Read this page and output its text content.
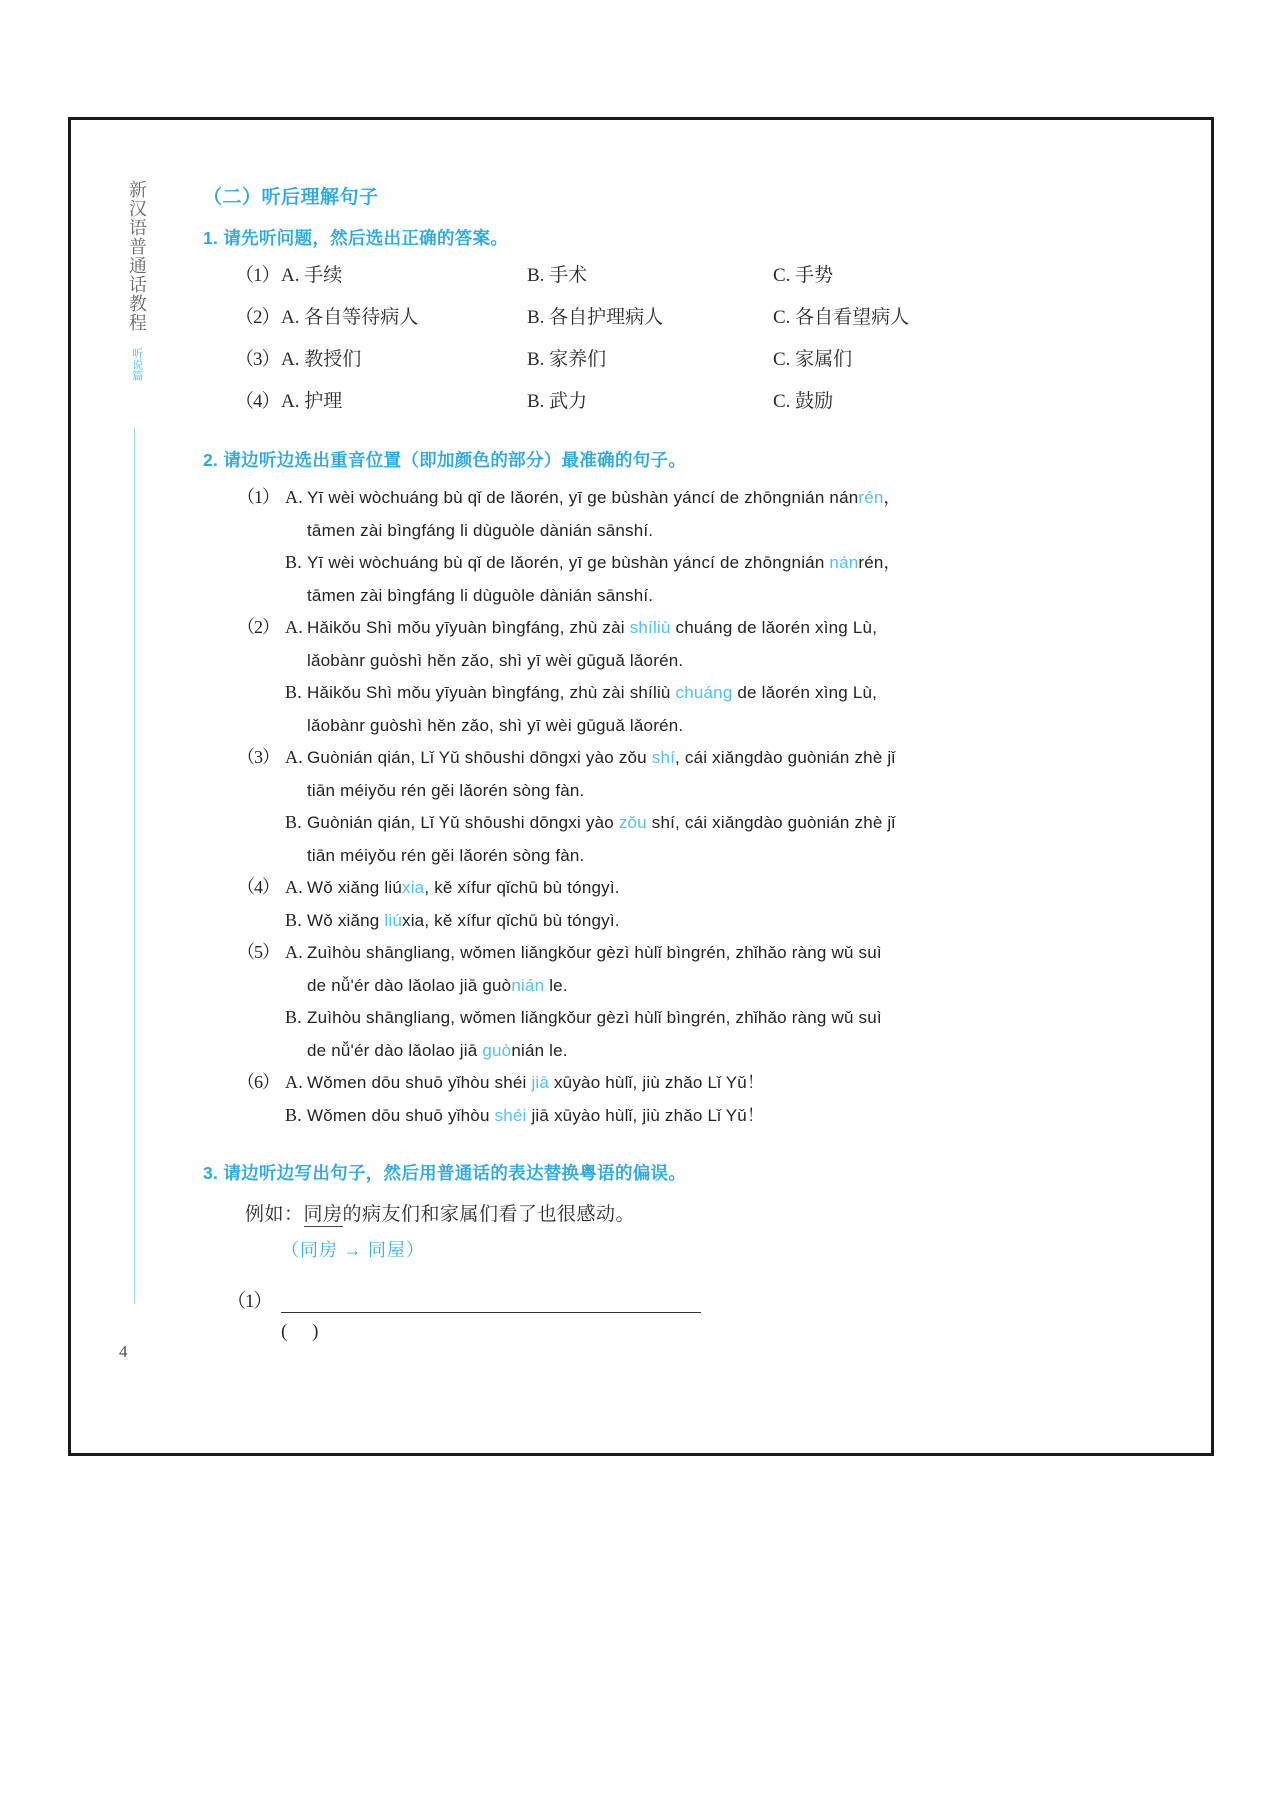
新汉语普通话教程
听说篇
4
（二）听后理解句子
1. 请先听问题，然后选出正确的答案。
（1） A. 手续	B. 手术	C. 手势
（2） A. 各自等待病人	B. 各自护理病人	C. 各自看望病人
（3） A. 教授们	B. 家养们	C. 家属们
（4） A. 护理	B. 武力	C. 鼓励
2. 请边听边选出重音位置（即加颜色的部分）最准确的句子。
（1） A. Yī wèi wòchuáng bù qǐ de lǎorén, yī ge bùshàn yáncí de zhōngnián nánrén，
tāmen zài bìngfáng li dùguòle dànián sānshí.
B. Yī wèi wòchuáng bù qǐ de lǎorén, yī ge bùshàn yáncí de zhōngnián nánrén，
tāmen zài bìngfáng li dùguòle dànián sānshí.
（2） A. Hǎikǒu Shì mǒu yīyuàn bìngfáng, zhù zài shíliù chuáng de lǎorén xìng Lù,
lǎobànr guòshì hěn zǎo, shì yī wèi gūguǎ lǎorén.
B. Hǎikǒu Shì mǒu yīyuàn bìngfáng, zhù zài shíliù chuáng de lǎorén xìng Lù,
lǎobànr guòshì hěn zǎo, shì yī wèi gūguǎ lǎorén.
（3） A. Guònián qián, Lǐ Yǔ shōushi dōngxi yào zǒu shí, cái xiǎngdào guònián zhè jǐ
tiān méiyǒu rén gěi lǎorén sòng fàn.
B. Guònián qián, Lǐ Yǔ shōushi dōngxi yào zǒu shí, cái xiǎngdào guònián zhè jǐ
tiān méiyǒu rén gěi lǎorén sòng fàn.
（4） A. Wǒ xiǎng liúxia, kě xífur qǐchū bù tóngyì.
B. Wǒ xiǎng liúxia, kě xífur qǐchū bù tóngyì.
（5） A. Zuìhòu shāngliang, wǒmen liǎngkǒur gèzì hùlǐ bìngrén, zhǐhǎo ràng wǔ suì
de nǚ'ér dào lǎolao jiā guònián le.
B. Zuìhòu shāngliang, wǒmen liǎngkǒur gèzì hùlǐ bìngrén, zhǐhǎo ràng wǔ suì
de nǚ'ér dào lǎolao jiā guònián le.
（6） A. Wǒmen dōu shuō yǐhòu shéi jiā xūyào hùlǐ, jiù zhǎo Lǐ Yǔ！
B. Wǒmen dōu shuō yǐhòu shéi jiā xūyào hùlǐ, jiù zhǎo Lǐ Yǔ！
3. 请边听边写出句子，然后用普通话的表达替换粤语的偏误。
例如：同房的病友们和家属们看了也很感动。
（同房 → 同屋）
（1）
( )
